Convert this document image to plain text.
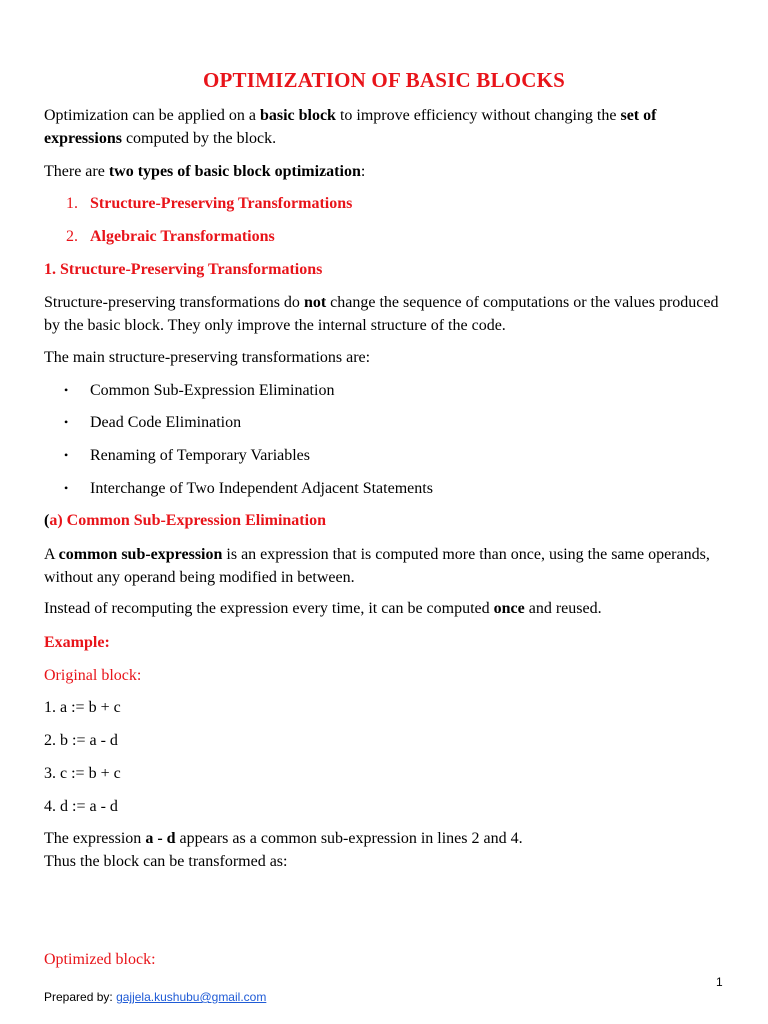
OPTIMIZATION OF BASIC BLOCKS

Optimization can be applied on a basic block to improve efficiency without changing the set of expressions computed by the block.

There are two types of basic block optimization:

1. Structure-Preserving Transformations

2. Algebraic Transformations

1. Structure-Preserving Transformations

Structure-preserving transformations do not change the sequence of computations or the values produced by the basic block. They only improve the internal structure of the code.

The main structure-preserving transformations are:

• Common Sub-Expression Elimination

• Dead Code Elimination

• Renaming of Temporary Variables

• Interchange of Two Independent Adjacent Statements

(a) Common Sub-Expression Elimination

A common sub-expression is an expression that is computed more than once, using the same operands, without any operand being modified in between.

Instead of recomputing the expression every time, it can be computed once and reused.

Example:

Original block:

1. a := b + c

2. b := a - d

3. c := b + c

4. d := a - d

The expression a - d appears as a common sub-expression in lines 2 and 4.
Thus the block can be transformed as:

Optimized block:

1

Prepared by: gajjela.kushubu@gmail.com
